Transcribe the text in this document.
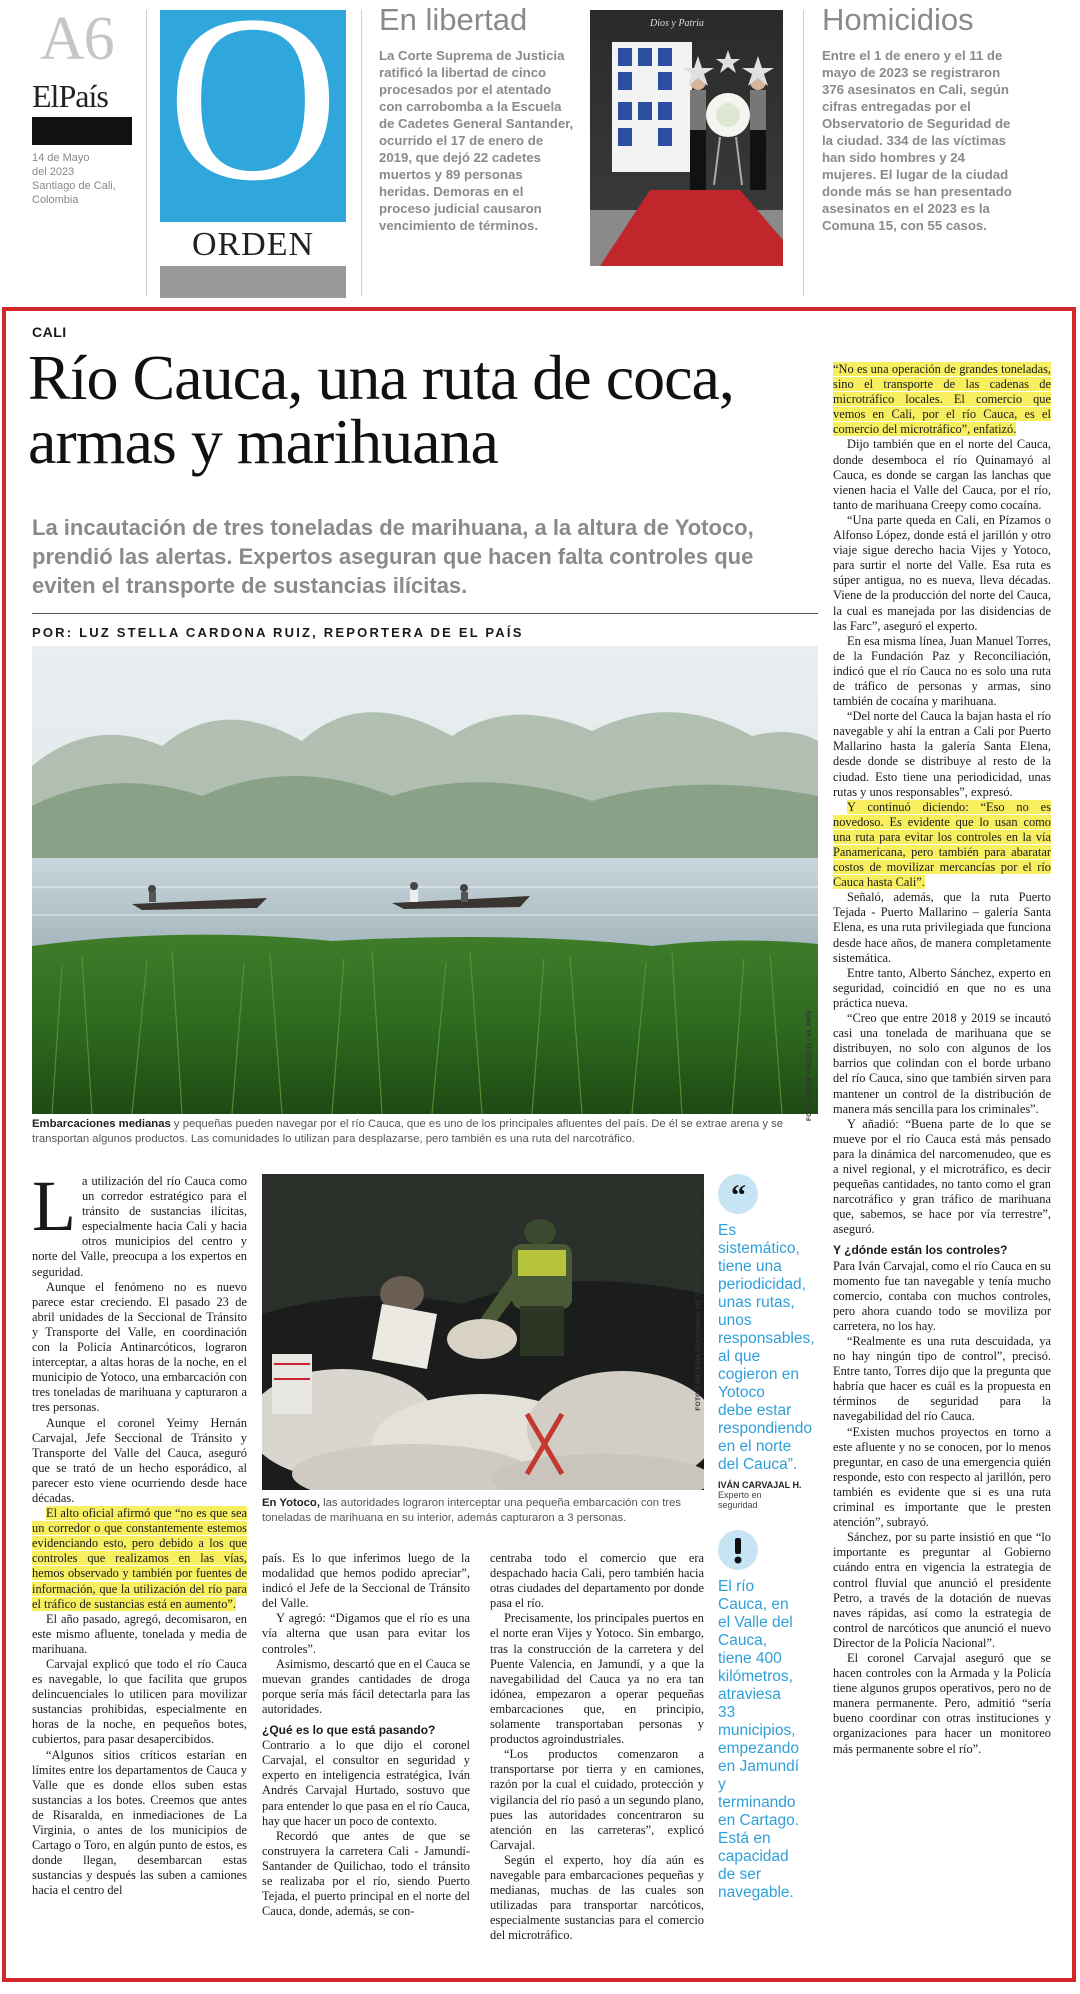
A6
ElPaís
14 de Mayo
del 2023
Santiago de Cali,
Colombia O
ORDEN
En libertad
La Corte Suprema de Justicia ratificó la libertad de cinco procesados por el atentado con carrobomba a la Escuela de Cadetes General Santander, ocurrido el 17 de enero de 2019, que dejó 22 cadetes muertos y 89 personas heridas. Demoras en el proceso judicial causaron vencimiento de términos.
Dios y Patria	Homicidios
Entre el 1 de enero y el 11 de mayo de 2023 se registraron 376 asesinatos en Cali, según cifras entregadas por el Observatorio de Seguridad de la ciudad. 334 de las víctimas han sido hombres y 24 mujeres. El lugar de la ciudad donde más se han presentado asesinatos en el 2023 es la Comuna 15, con 55 casos.
CALI
Río Cauca, una ruta de coca, armas y marihuana
La incautación de tres toneladas de marihuana, a la altura de Yotoco, prendió las alertas. Expertos aseguran que hacen falta controles que eviten el transporte de sustancias ilícitas.
POR: LUZ STELLA CARDONA RUIZ, REPORTERA DE EL PAÍS
FOTO JORGE OROZCO | EL PAÍS
Embarcaciones medianas y pequeñas pueden navegar por el río Cauca, que es uno de los principales afluentes del país. De él se extrae arena y se transportan algunos productos. Las comunidades lo utilizan para desplazarse, pero también es una ruta del narcotráfico.

La utilización del río Cauca como un corredor estratégico para el tránsito de sustancias ilícitas, especialmente hacia Cali y hacia otros municipios del centro y norte del Valle, preocupa a los expertos en seguridad.

Aunque el fenómeno no es nuevo parece estar creciendo. El pasado 23 de abril unidades de la Seccional de Tránsito y Transporte del Valle, en coordinación con la Policía Antinarcóticos, lograron interceptar, a altas horas de la noche, en el municipio de Yotoco, una embarcación con tres toneladas de marihuana y capturaron a tres personas.

Aunque el coronel Yeimy Hernán Carvajal, Jefe Seccional de Tránsito y Transporte del Valle del Cauca, aseguró que se trató de un hecho esporádico, al parecer esto viene ocurriendo desde hace décadas.

El alto oficial afirmó que “no es que sea un corredor o que constantemente estemos evidenciando esto, pero debido a los que controles que realizamos en las vías, hemos observado y también por fuentes de información, que la utilización del río para el tráfico de sustancias está en aumento”.

El año pasado, agregó, decomisaron, en este mismo afluente, tonelada y media de marihuana.

Carvajal explicó que todo el río Cauca es navegable, lo que facilita que grupos delincuenciales lo utilicen para movilizar sustancias prohibidas, especialmente en horas de la noche, en pequeños botes, cubiertos, para pasar desapercibidos.

“Algunos sitios críticos estarían en límites entre los departamentos de Cauca y Valle que es donde ellos suben estas sustancias a los botes. Creemos que antes de Risaralda, en inmediaciones de La Virginia, o antes de los municipios de Cartago o Toro, en algún punto de estos, es donde llegan, desembarcan estas sustancias y después las suben a camiones hacia el centro del

FOTO CORTESÍA SECCIONAL DE TRÁNSITO DEL VALLE DEL CAUCA
En Yotoco, las autoridades lograron interceptar una pequeña embarcación con tres toneladas de marihuana en su interior, además capturaron a 3 personas.

país. Es lo que inferimos luego de la modalidad que hemos podido apreciar”, indicó el Jefe de la Seccional de Tránsito del Valle.

Y agregó: “Digamos que el río es una vía alterna que usan para evitar los controles”.

Asimismo, descartó que en el Cauca se muevan grandes cantidades de droga porque sería más fácil detectarla para las autoridades.

¿Qué es lo que está pasando?

Contrario a lo que dijo el coronel Carvajal, el consultor en seguridad y experto en inteligencia estratégica, Iván Andrés Carvajal Hurtado, sostuvo que para entender lo que pasa en el río Cauca, hay que hacer un poco de contexto.

Recordó que antes de que se construyera la carretera Cali - Jamundí-Santander de Quilichao, todo el tránsito se realizaba por el río, siendo Puerto Tejada, el puerto principal en el norte del Cauca, donde, además, se con-

centraba todo el comercio que era despachado hacia Cali, pero también hacia otras ciudades del departamento por donde pasa el río.

Precisamente, los principales puertos en el norte eran Vijes y Yotoco. Sin embargo, tras la construcción de la carretera y del Puente Valencia, en Jamundí, y a que la navegabilidad del Cauca ya no era tan idónea, empezaron a operar pequeñas embarcaciones que, en principio, solamente transportaban personas y productos agroindustriales.

“Los productos comenzaron a transportarse por tierra y en camiones, razón por la cual el cuidado, protección y vigilancia del río pasó a un segundo plano, pues las autoridades concentraron su atención en las carreteras”, explicó Carvajal.

Según el experto, hoy día aún es navegable para embarcaciones pequeñas y medianas, muchas de las cuales son utilizadas para transportar narcóticos, especialmente sustancias para el comercio del microtráfico.

“
Es sistemático, tiene una periodicidad, unas rutas, unos responsables, al que cogieron en Yotoco debe estar respondiendo en el norte del Cauca”.
IVÁN CARVAJAL H.
Experto en seguridad
El río Cauca, en el Valle del Cauca, tiene 400 kilómetros, atraviesa 33 municipios, empezando en Jamundí y terminando en Cartago. Está en capacidad de ser navegable.

“No es una operación de grandes toneladas, sino el transporte de las cadenas de microtráfico locales. El comercio que vemos en Cali, por el río Cauca, es el comercio del microtráfico”, enfatizó.

Dijo también que en el norte del Cauca, donde desemboca el río Quinamayó al Cauca, es donde se cargan las lanchas que vienen hacia el Valle del Cauca, por el río, tanto de marihuana Creepy como cocaína.

“Una parte queda en Cali, en Pízamos o Alfonso López, donde está el jarillón y otro viaje sigue derecho hacia Vijes y Yotoco, para surtir el norte del Valle. Esa ruta es súper antigua, no es nueva, lleva décadas. Viene de la producción del norte del Cauca, la cual es manejada por las disidencias de las Farc”, aseguró el experto.

En esa misma línea, Juan Manuel Torres, de la Fundación Paz y Reconciliación, indicó que el río Cauca no es solo una ruta de tráfico de personas y armas, sino también de cocaína y marihuana.

“Del norte del Cauca la bajan hasta el río navegable y ahí la entran a Cali por Puerto Mallarino hasta la galería Santa Elena, desde donde se distribuye al resto de la ciudad. Esto tiene una periodicidad, unas rutas y unos responsables”, expresó.

Y continuó diciendo: “Eso no es novedoso. Es evidente que lo usan como una ruta para evitar los controles en la vía Panamericana, pero también para abaratar costos de movilizar mercancías por el río Cauca hasta Cali”.

Señaló, además, que la ruta Puerto Tejada - Puerto Mallarino – galería Santa Elena, es una ruta privilegiada que funciona desde hace años, de manera completamente sistemática.

Entre tanto, Alberto Sánchez, experto en seguridad, coincidió en que no es una práctica nueva.

“Creo que entre 2018 y 2019 se incautó casi una tonelada de marihuana que se distribuyen, no solo con algunos de los barrios que colindan con el borde urbano del río Cauca, sino que también sirven para mantener un control de la distribución de manera más sencilla para los criminales”.

Y añadió: “Buena parte de lo que se mueve por el río Cauca está más pensado para la dinámica del narcomenudeo, que es a nivel regional, y el microtráfico, es decir pequeñas cantidades, no tanto como el gran narcotráfico y gran tráfico de marihuana que, sabemos, se hace por vía terrestre”, aseguró.

Y ¿dónde están los controles?

Para Iván Carvajal, como el río Cauca en su momento fue tan navegable y tenía mucho comercio, contaba con muchos controles, pero ahora cuando todo se moviliza por carretera, no los hay.

“Realmente es una ruta descuidada, ya no hay ningún tipo de control”, precisó. Entre tanto, Torres dijo que la pregunta que habría que hacer es cuál es la propuesta en términos de seguridad para la navegabilidad del río Cauca.

“Existen muchos proyectos en torno a este afluente y no se conocen, por lo menos preguntar, en caso de una emergencia quién responde, esto con respecto al jarillón, pero también es evidente que si es una ruta criminal es importante que le presten atención”, subrayó.

Sánchez, por su parte insistió en que “lo importante es preguntar al Gobierno cuándo entra en vigencia la estrategia de control fluvial que anunció el presidente Petro, a través de la dotación de nuevas naves rápidas, así como la estrategia de control de narcóticos que anunció el nuevo Director de la Policía Nacional”.

El coronel Carvajal aseguró que se hacen controles con la Armada y la Policía tiene algunos grupos operativos, pero no de manera permanente. Pero, admitió “sería bueno coordinar con otras instituciones y organizaciones para hacer un monitoreo más permanente sobre el río”.
